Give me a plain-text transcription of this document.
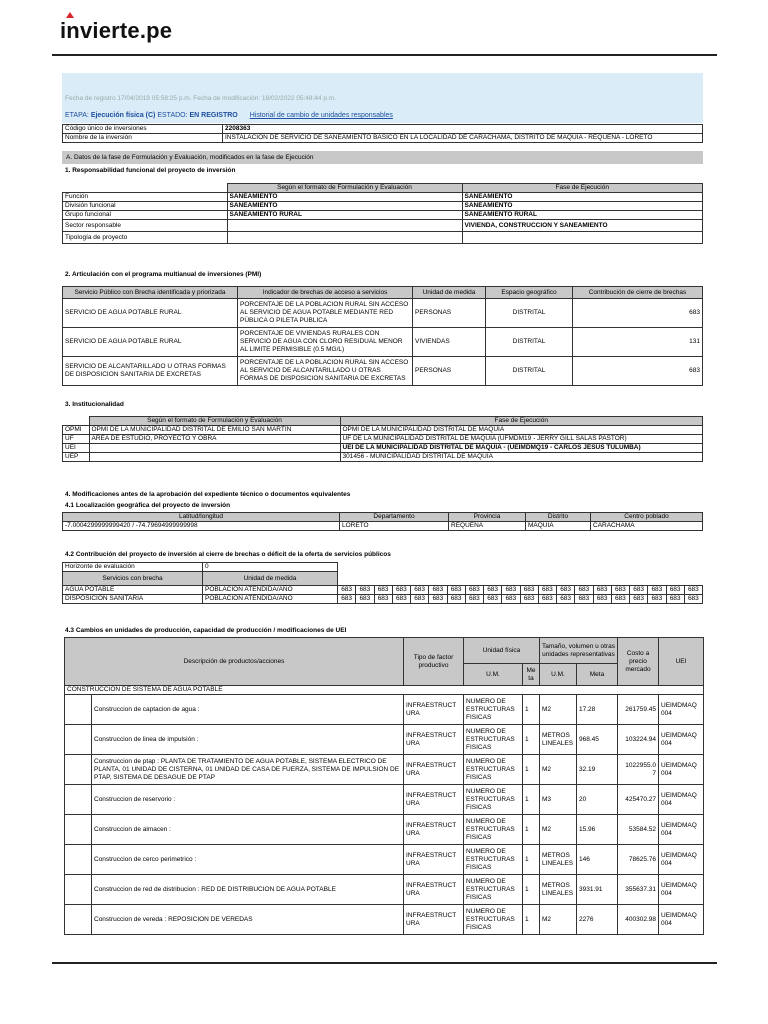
invierte.pe
Fecha de registro 17/04/2019 05:58:25 p.m. Fecha de modificación: 18/02/2022 05:48:44 p.m.
ETAPA: Ejecución física (C) ESTADO: EN REGISTRO Historial de cambio de unidades responsables
Código único de inversiones	2208363
Nombre de la inversión	INSTALACION DE SERVICIO DE SANEAMIENTO BASICO EN LA LOCALIDAD DE CARACHAMA, DISTRITO DE MAQUIA - REQUENA - LORETO
A. Datos de la fase de Formulación y Evaluación, modificados en la fase de Ejecución
1. Responsabilidad funcional del proyecto de inversión
	Según el formato de Formulación y Evaluación	Fase de Ejecución
Función	SANEAMIENTO	SANEAMIENTO
División funcional	SANEAMIENTO	SANEAMIENTO
Grupo funcional	SANEAMIENTO RURAL	SANEAMIENTO RURAL
Sector responsable		VIVIENDA, CONSTRUCCION Y SANEAMIENTO
Tipología de proyecto		
2. Articulación con el programa multianual de inversiones (PMI)
Servicio Público con Brecha identificada y priorizada	Indicador de brechas de acceso a servicios	Unidad de medida	Espacio geográfico	Contribución de cierre de brechas
SERVICIO DE AGUA POTABLE RURAL	PORCENTAJE DE LA POBLACION RURAL SIN ACCESO AL SERVICIO DE AGUA POTABLE MEDIANTE RED PÚBLICA O PILETA PUBLICA	PERSONAS	DISTRITAL	683
SERVICIO DE AGUA POTABLE RURAL	PORCENTAJE DE VIVIENDAS RURALES CON SERVICIO DE AGUA CON CLORO RESIDUAL MENOR AL LIMITE PERMISIBLE (0.5 MG/L)	VIVIENDAS	DISTRITAL	131
SERVICIO DE ALCANTARILLADO U OTRAS FORMAS DE DISPOSICION SANITARIA DE EXCRETAS	PORCENTAJE DE LA POBLACION RURAL SIN ACCESO AL SERVICIO DE ALCANTARILLADO U OTRAS FORMAS DE DISPOSICION SANITARIA DE EXCRETAS	PERSONAS	DISTRITAL	683
3. Institucionalidad
	Según el formato de Formulación y Evaluación	Fase de Ejecución
OPMI	OPMI DE LA MUNICIPALIDAD DISTRITAL DE EMILIO SAN MARTIN	OPMI DE LA MUNICIPALIDAD DISTRITAL DE MAQUIA
UF	AREA DE ESTUDIO, PROYECTO Y OBRA	UF DE LA MUNICIPALIDAD DISTRITAL DE MAQUIA (UFMDM19 - JERRY GILL SALAS PASTOR)
UEI		UEI DE LA MUNICIPALIDAD DISTRITAL DE MAQUIA - (UEIMDMQ19 - CARLOS JESUS TULUMBA)
UEP		301456 - MUNICIPALIDAD DISTRITAL DE MAQUIA
4. Modificaciones antes de la aprobación del expediente técnico o documentos equivalentes
4.1 Localización geográfica del proyecto de inversión
Latitud/longitud	Departamento	Provincia	Distrito	Centro poblado
-7.0004299999999420 / -74.79694999999998	LORETO	REQUENA	MAQUIA	CARACHAMA
4.2 Contribución del proyecto de inversión al cierre de brechas o déficit de la oferta de servicios públicos
Horizonte de evaluación	0																				
Servicios con brecha	Unidad de medida																				
AGUA POTABLE	POBLACION ATENDIDA/AÑO	683	683	683	683	683	683	683	683	683	683	683	683	683	683	683	683	683	683	683	683
DISPOSICIÓN SANITARIA	POBLACION ATENDIDA/AÑO	683	683	683	683	683	683	683	683	683	683	683	683	683	683	683	683	683	683	683	683
4.3 Cambios en unidades de producción, capacidad de producción / modificaciones de UEI
Descripción de productos/acciones		Tipo de factor productivo	Unidad física		Tamaño, volumen u otras unidades representativas		Costo a precio mercado	UEI
			U.M.	Me ta	U.M.	Meta		
CONSTRUCCION DE SISTEMA DE AGUA POTABLE								
	Construccion de captacion de agua :	INFRAESTRUCT URA	NUMERO DE ESTRUCTURAS FISICAS	1	M2	17.28	261759.45	UEIMDMAQ 004
	Construccion de linea de impulsión :	INFRAESTRUCT URA	NUMERO DE ESTRUCTURAS FISICAS	1	METROS LINEALES	968.45	103224.94	UEIMDMAQ 004
	Construccion de ptap : PLANTA DE TRATAMIENTO DE AGUA POTABLE, SISTEMA ELECTRICO DE PLANTA, 01 UNIDAD DE CISTERNA, 01 UNIDAD DE CASA DE FUERZA, SISTEMA DE IMPULSION DE PTAP, SISTEMA DE DESAGUE DE PTAP	INFRAESTRUCT URA	NUMERO DE ESTRUCTURAS FISICAS	1	M2	32.19	1022955.0 7	UEIMDMAQ 004
	Construccion de reservorio :	INFRAESTRUCT URA	NUMERO DE ESTRUCTURAS FISICAS	1	M3	20	425470.27	UEIMDMAQ 004
	Construccion de almacen :	INFRAESTRUCT URA	NUMERO DE ESTRUCTURAS FISICAS	1	M2	15.96	53584.52	UEIMDMAQ 004
	Construccion de cerco perimetrico :	INFRAESTRUCT URA	NUMERO DE ESTRUCTURAS FISICAS	1	METROS LINEALES	146	78625.76	UEIMDMAQ 004
	Construccion de red de distribucion : RED DE DISTRIBUCION DE AGUA POTABLE	INFRAESTRUCT URA	NUMERO DE ESTRUCTURAS FISICAS	1	METROS LINEALES	3931.91	355637.31	UEIMDMAQ 004
	Construccion de vereda : REPOSICION DE VEREDAS	INFRAESTRUCT URA	NUMERO DE ESTRUCTURAS FISICAS	1	M2	2276	400302.98	UEIMDMAQ 004
